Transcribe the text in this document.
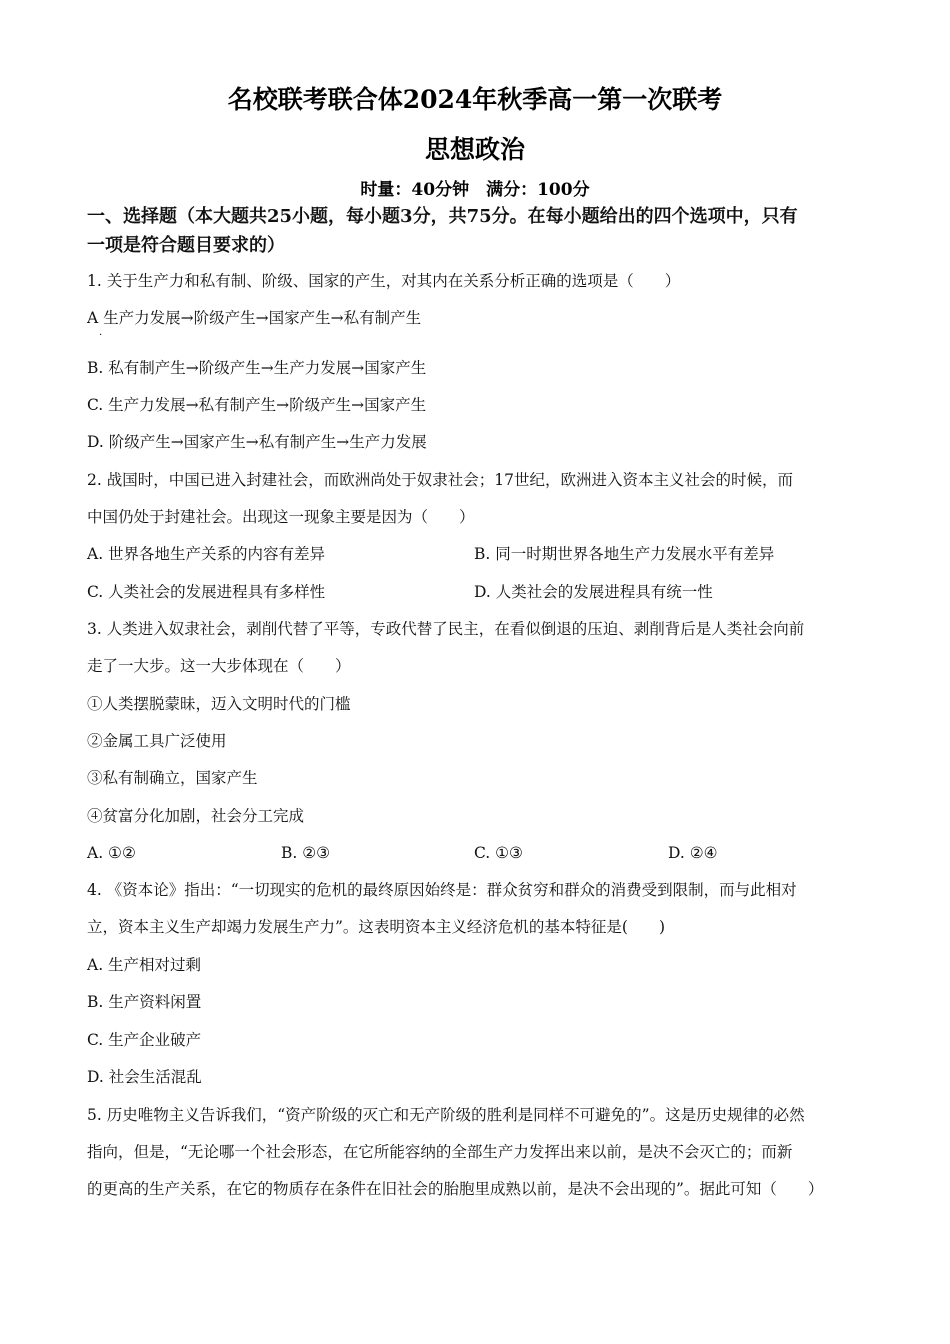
名校联考联合体2024年秋季高一第一次联考
思想政治
时量：40分钟　满分：100分
一、选择题（本大题共25小题，每小题3分，共75分。在每小题给出的四个选项中，只有
一项是符合题目要求的）
1. 关于生产力和私有制、阶级、国家的产生，对其内在关系分析正确的选项是（　　）
A 生产力发展→阶级产生→国家产生→私有制产生
·
B. 私有制产生→阶级产生→生产力发展→国家产生
C. 生产力发展→私有制产生→阶级产生→国家产生
D. 阶级产生→国家产生→私有制产生→生产力发展
2. 战国时，中国已进入封建社会，而欧洲尚处于奴隶社会；17世纪，欧洲进入资本主义社会的时候，而
中国仍处于封建社会。出现这一现象主要是因为（　　）
A. 世界各地生产关系的内容有差异	B. 同一时期世界各地生产力发展水平有差异
C. 人类社会的发展进程具有多样性	D. 人类社会的发展进程具有统一性
3. 人类进入奴隶社会，剥削代替了平等，专政代替了民主，在看似倒退的压迫、剥削背后是人类社会向前
走了一大步。这一大步体现在（　　）
①人类摆脱蒙昧，迈入文明时代的门槛
②金属工具广泛使用
③私有制确立，国家产生
④贫富分化加剧，社会分工完成
A. ①②	B. ②③	C. ①③	D. ②④
4. 《资本论》指出：“一切现实的危机的最终原因始终是：群众贫穷和群众的消费受到限制，而与此相对
立，资本主义生产却竭力发展生产力”。这表明资本主义经济危机的基本特征是(　　)
A. 生产相对过剩
B. 生产资料闲置
C. 生产企业破产
D. 社会生活混乱
5. 历史唯物主义告诉我们，“资产阶级的灭亡和无产阶级的胜利是同样不可避免的”。这是历史规律的必然
指向，但是，“无论哪一个社会形态，在它所能容纳的全部生产力发挥出来以前，是决不会灭亡的；而新
的更高的生产关系，在它的物质存在条件在旧社会的胎胞里成熟以前，是决不会出现的”。据此可知（　　）
